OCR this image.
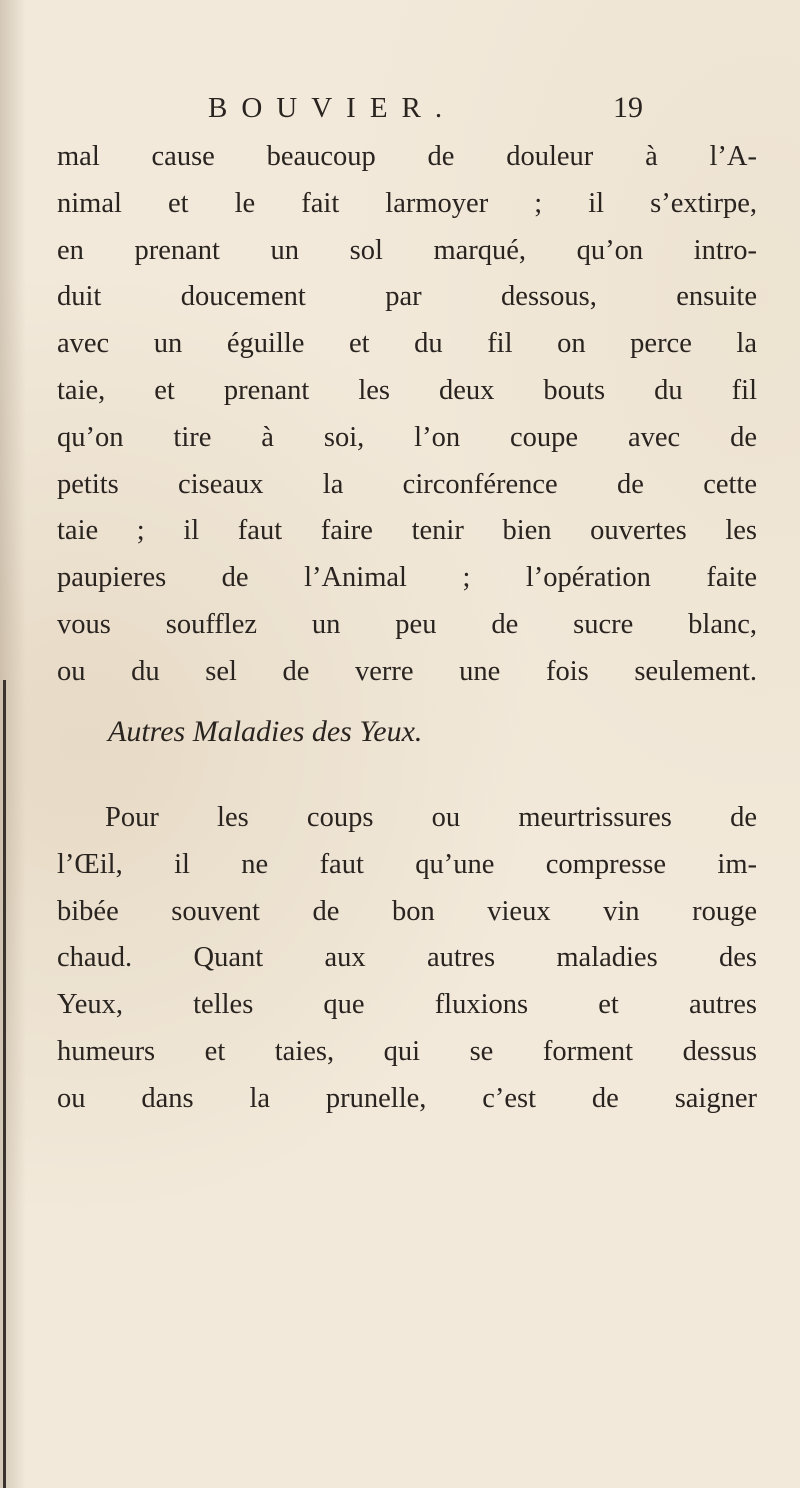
BOUVIER.	19
mal cause beaucoup de douleur à l’A-
nimal et le fait larmoyer ; il s’extirpe,
en prenant un sol marqué, qu’on intro-
duit doucement par dessous, ensuite
avec un éguille et du fil on perce la
taie, et prenant les deux bouts du fil
qu’on tire à soi, l’on coupe avec de
petits ciseaux la circonférence de cette
taie ; il faut faire tenir bien ouvertes les
paupieres de l’Animal ; l’opération faite
vous soufflez un peu de sucre blanc,
ou du sel de verre une fois seulement.
Autres Maladies des Yeux.
Pour les coups ou meurtrissures de
l’Œil, il ne faut qu’une compresse im-
bibée souvent de bon vieux vin rouge
chaud. Quant aux autres maladies des
Yeux, telles que fluxions et autres
humeurs et taies, qui se forment dessus
ou dans la prunelle, c’est de saigner
